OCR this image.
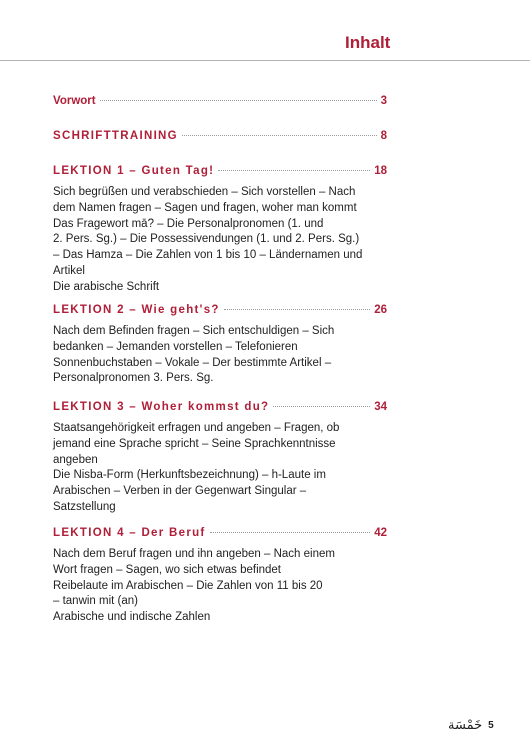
Inhalt
Vorwort	3
SCHRIFTTRAINING	8
LEKTION 1 – Guten Tag!	18
Sich begrüßen und verabschieden – Sich vorstellen – Nach
dem Namen fragen – Sagen und fragen, woher man kommt
Das Fragewort mā? – Die Personalpronomen (1. und
2. Pers. Sg.) – Die Possessivendungen (1. und 2. Pers. Sg.)
– Das Hamza – Die Zahlen von 1 bis 10 – Ländernamen und
Artikel
Die arabische Schrift
LEKTION 2 – Wie geht's?	26
Nach dem Befinden fragen – Sich entschuldigen – Sich
bedanken – Jemanden vorstellen – Telefonieren
Sonnenbuchstaben – Vokale – Der bestimmte Artikel –
Personalpronomen 3. Pers. Sg.
LEKTION 3 – Woher kommst du?	34
Staatsangehörigkeit erfragen und angeben – Fragen, ob
jemand eine Sprache spricht – Seine Sprachkenntnisse
angeben
Die Nisba-Form (Herkunftsbezeichnung) – h-Laute im
Arabischen – Verben in der Gegenwart Singular –
Satzstellung
LEKTION 4 – Der Beruf	42
Nach dem Beruf fragen und ihn angeben – Nach einem
Wort fragen – Sagen, wo sich etwas befindet
Reibelaute im Arabischen – Die Zahlen von 11 bis 20
– tanwin mit (an)
Arabische und indische Zahlen
خَمْسَة 5
